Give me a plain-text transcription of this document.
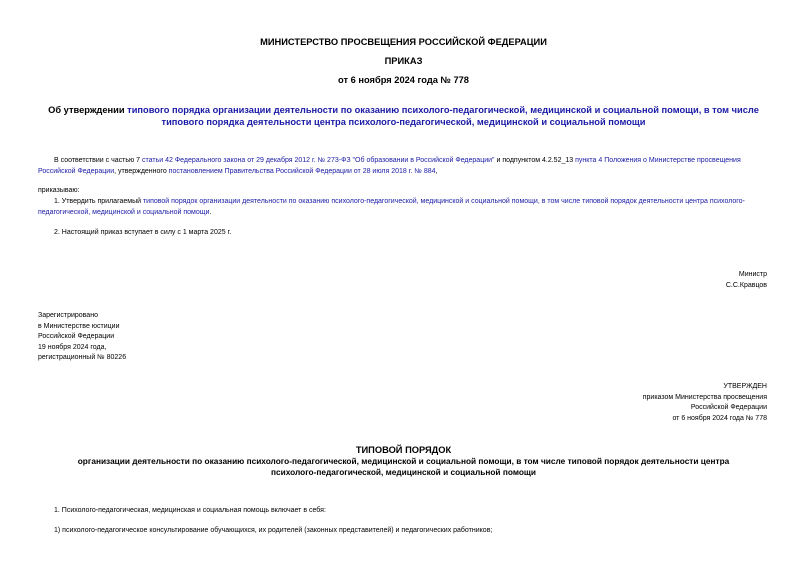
МИНИСТЕРСТВО ПРОСВЕЩЕНИЯ РОССИЙСКОЙ ФЕДЕРАЦИИ
ПРИКАЗ
от 6 ноября 2024 года № 778
Об утверждении типового порядка организации деятельности по оказанию психолого-педагогической, медицинской и социальной помощи, в том числе типового порядка деятельности центра психолого-педагогической, медицинской и социальной помощи
В соответствии с частью 7 статьи 42 Федерального закона от 29 декабря 2012 г. № 273-ФЗ "Об образовании в Российской Федерации" и подпунктом 4.2.52_13 пункта 4 Положения о Министерстве просвещения Российской Федерации, утвержденного постановлением Правительства Российской Федерации от 28 июля 2018 г. № 884,
приказываю:
1. Утвердить прилагаемый типовой порядок организации деятельности по оказанию психолого-педагогической, медицинской и социальной помощи, в том числе типовой порядок деятельности центра психолого-педагогической, медицинской и социальной помощи.
2. Настоящий приказ вступает в силу с 1 марта 2025 г.
Министр
С.С.Кравцов
Зарегистрировано
в Министерстве юстиции
Российской Федерации
19 ноября 2024 года,
регистрационный № 80226
УТВЕРЖДЕН
приказом Министерства просвещения
Российской Федерации
от 6 ноября 2024 года № 778
ТИПОВОЙ ПОРЯДОК
организации деятельности по оказанию психолого-педагогической, медицинской и социальной помощи, в том числе типовой порядок деятельности центра
психолого-педагогической, медицинской и социальной помощи
1. Психолого-педагогическая, медицинская и социальная помощь включает в себя:
1) психолого-педагогическое консультирование обучающихся, их родителей (законных представителей) и педагогических работников;
